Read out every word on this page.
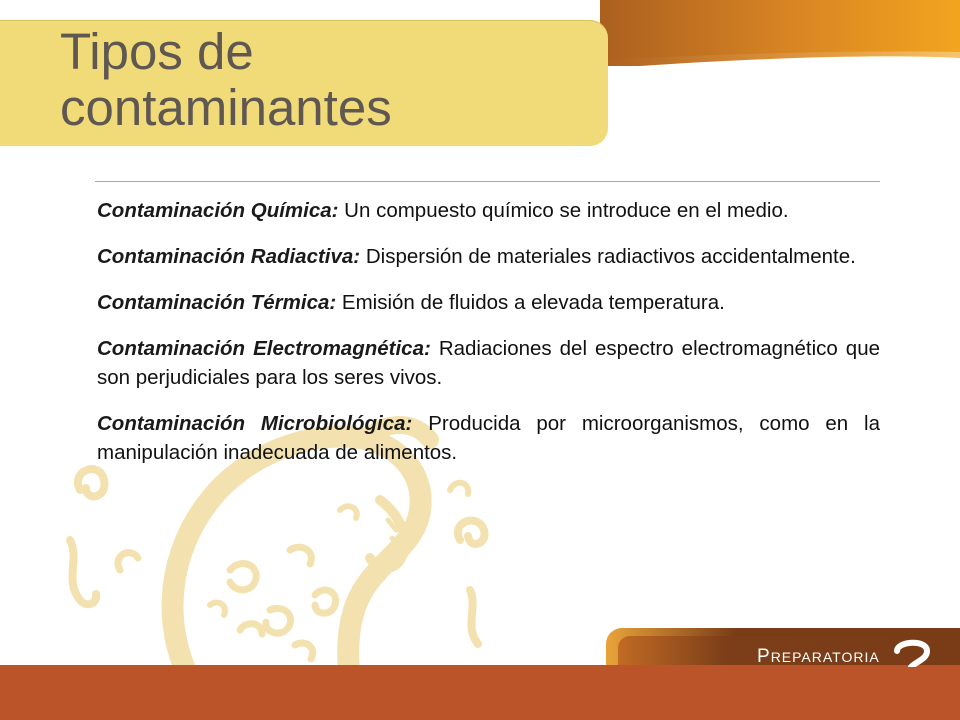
Tipos de
contaminantes

Contaminación Química: Un compuesto químico se introduce en el medio.

Contaminación Radiactiva: Dispersión de materiales radiactivos accidentalmente.

Contaminación Térmica: Emisión de fluidos a elevada temperatura.

Contaminación Electromagnética: Radiaciones del espectro electromagnético que son perjudiciales para los seres vivos.

Contaminación Microbiológica: Producida por microorganismos, como en la manipulación inadecuada de alimentos.

PREPARATORIA
